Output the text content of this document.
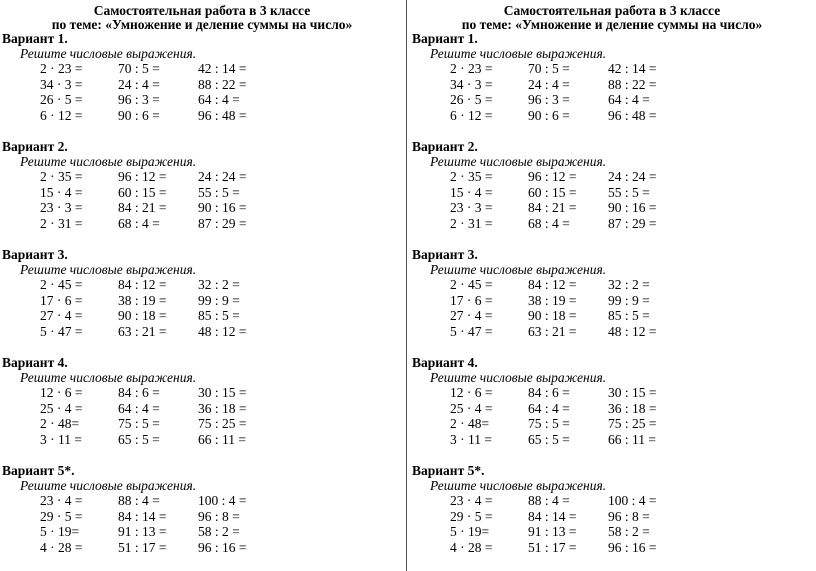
Самостоятельная работа в 3 классе
по теме: «Умножение и деление суммы на число»
Вариант 1.
Решите числовые выражения.
2 · 23 =	70 : 5 =	42 : 14 =
34 · 3 =	24 : 4 =	88 : 22 =
26 · 5 =	96 : 3 =	64 : 4 =
6 · 12 =	90 : 6 =	96 : 48 =
Вариант 2.
Решите числовые выражения.
2 · 35 =	96 : 12 = 24 : 24 =
15 · 4 =	60 : 15 = 55 : 5 =
23 · 3 =	84 : 21 = 90 : 16 =
2 · 31 =	68 : 4 =	87 : 29 =
Вариант 3.
Решите числовые выражения.
2 · 45 =	84 : 12 = 32 : 2 =
17 · 6 =	38 : 19 = 99 : 9 =
27 · 4 =	90 : 18 = 85 : 5 =
5 · 47 =	63 : 21 = 48 : 12 =
Вариант 4.
Решите числовые выражения.
12 · 6 =	84 : 6 =	30 : 15 =
25 · 4 =	64 : 4 =	36 : 18 =
2 · 48=	75 : 5 =	75 : 25 =
3 · 11 =	65 : 5 =	66 : 11 =
Вариант 5*.
Решите числовые выражения.
23 · 4 =	88 : 4 =	100 : 4 =
29 · 5 =	84 : 14 = 96 : 8 =
5 · 19=	91 : 13 = 58 : 2 =
4 · 28 =	51 : 17 = 96 : 16 =
Самостоятельная работа в 3 классе
по теме: «Умножение и деление суммы на число»
Вариант 1.
Решите числовые выражения.
2 · 23 =	70 : 5 =	42 : 14 =
34 · 3 =	24 : 4 =	88 : 22 =
26 · 5 =	96 : 3 =	64 : 4 =
6 · 12 =	90 : 6 =	96 : 48 =
Вариант 2.
Решите числовые выражения.
2 · 35 =	96 : 12 = 24 : 24 =
15 · 4 =	60 : 15 = 55 : 5 =
23 · 3 =	84 : 21 = 90 : 16 =
2 · 31 =	68 : 4 =	87 : 29 =
Вариант 3.
Решите числовые выражения.
2 · 45 =	84 : 12 = 32 : 2 =
17 · 6 =	38 : 19 = 99 : 9 =
27 · 4 =	90 : 18 = 85 : 5 =
5 · 47 =	63 : 21 = 48 : 12 =
Вариант 4.
Решите числовые выражения.
12 · 6 =	84 : 6 =	30 : 15 =
25 · 4 =	64 : 4 =	36 : 18 =
2 · 48=	75 : 5 =	75 : 25 =
3 · 11 =	65 : 5 =	66 : 11 =
Вариант 5*.
Решите числовые выражения.
23 · 4 =	88 : 4 =	100 : 4 =
29 · 5 =	84 : 14 = 96 : 8 =
5 · 19=	91 : 13 = 58 : 2 =
4 · 28 =	51 : 17 = 96 : 16 =
